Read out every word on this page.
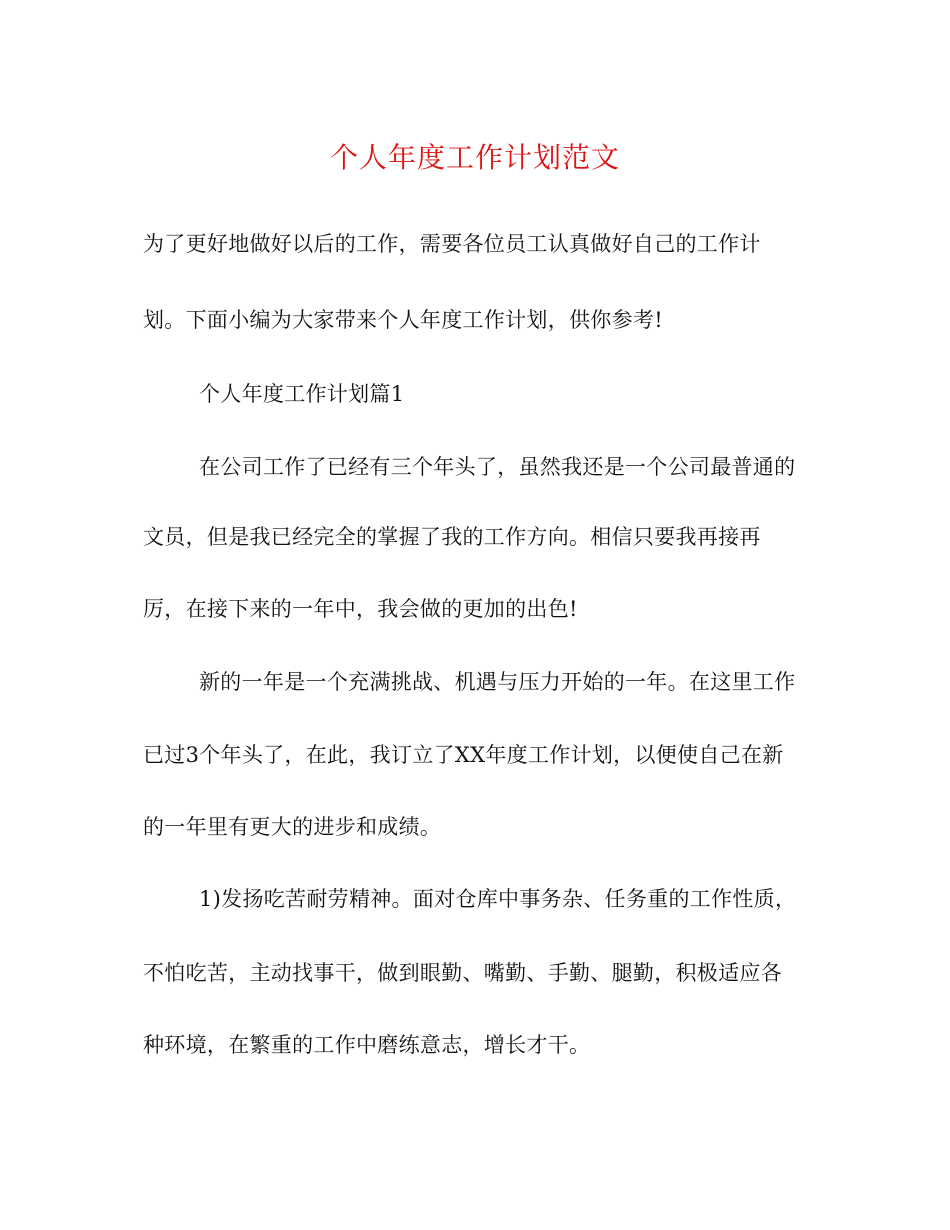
个人年度工作计划范文
为了更好地做好以后的工作，需要各位员工认真做好自己的工作计
划。下面小编为大家带来个人年度工作计划，供你参考!
个人年度工作计划篇1
在公司工作了已经有三个年头了，虽然我还是一个公司最普通的
文员，但是我已经完全的掌握了我的工作方向。相信只要我再接再
厉，在接下来的一年中，我会做的更加的出色!
新的一年是一个充满挑战、机遇与压力开始的一年。在这里工作
已过3个年头了，在此，我订立了XX年度工作计划，以便使自己在新
的一年里有更大的进步和成绩。
1)发扬吃苦耐劳精神。面对仓库中事务杂、任务重的工作性质，
不怕吃苦，主动找事干，做到眼勤、嘴勤、手勤、腿勤，积极适应各
种环境，在繁重的工作中磨练意志，增长才干。
